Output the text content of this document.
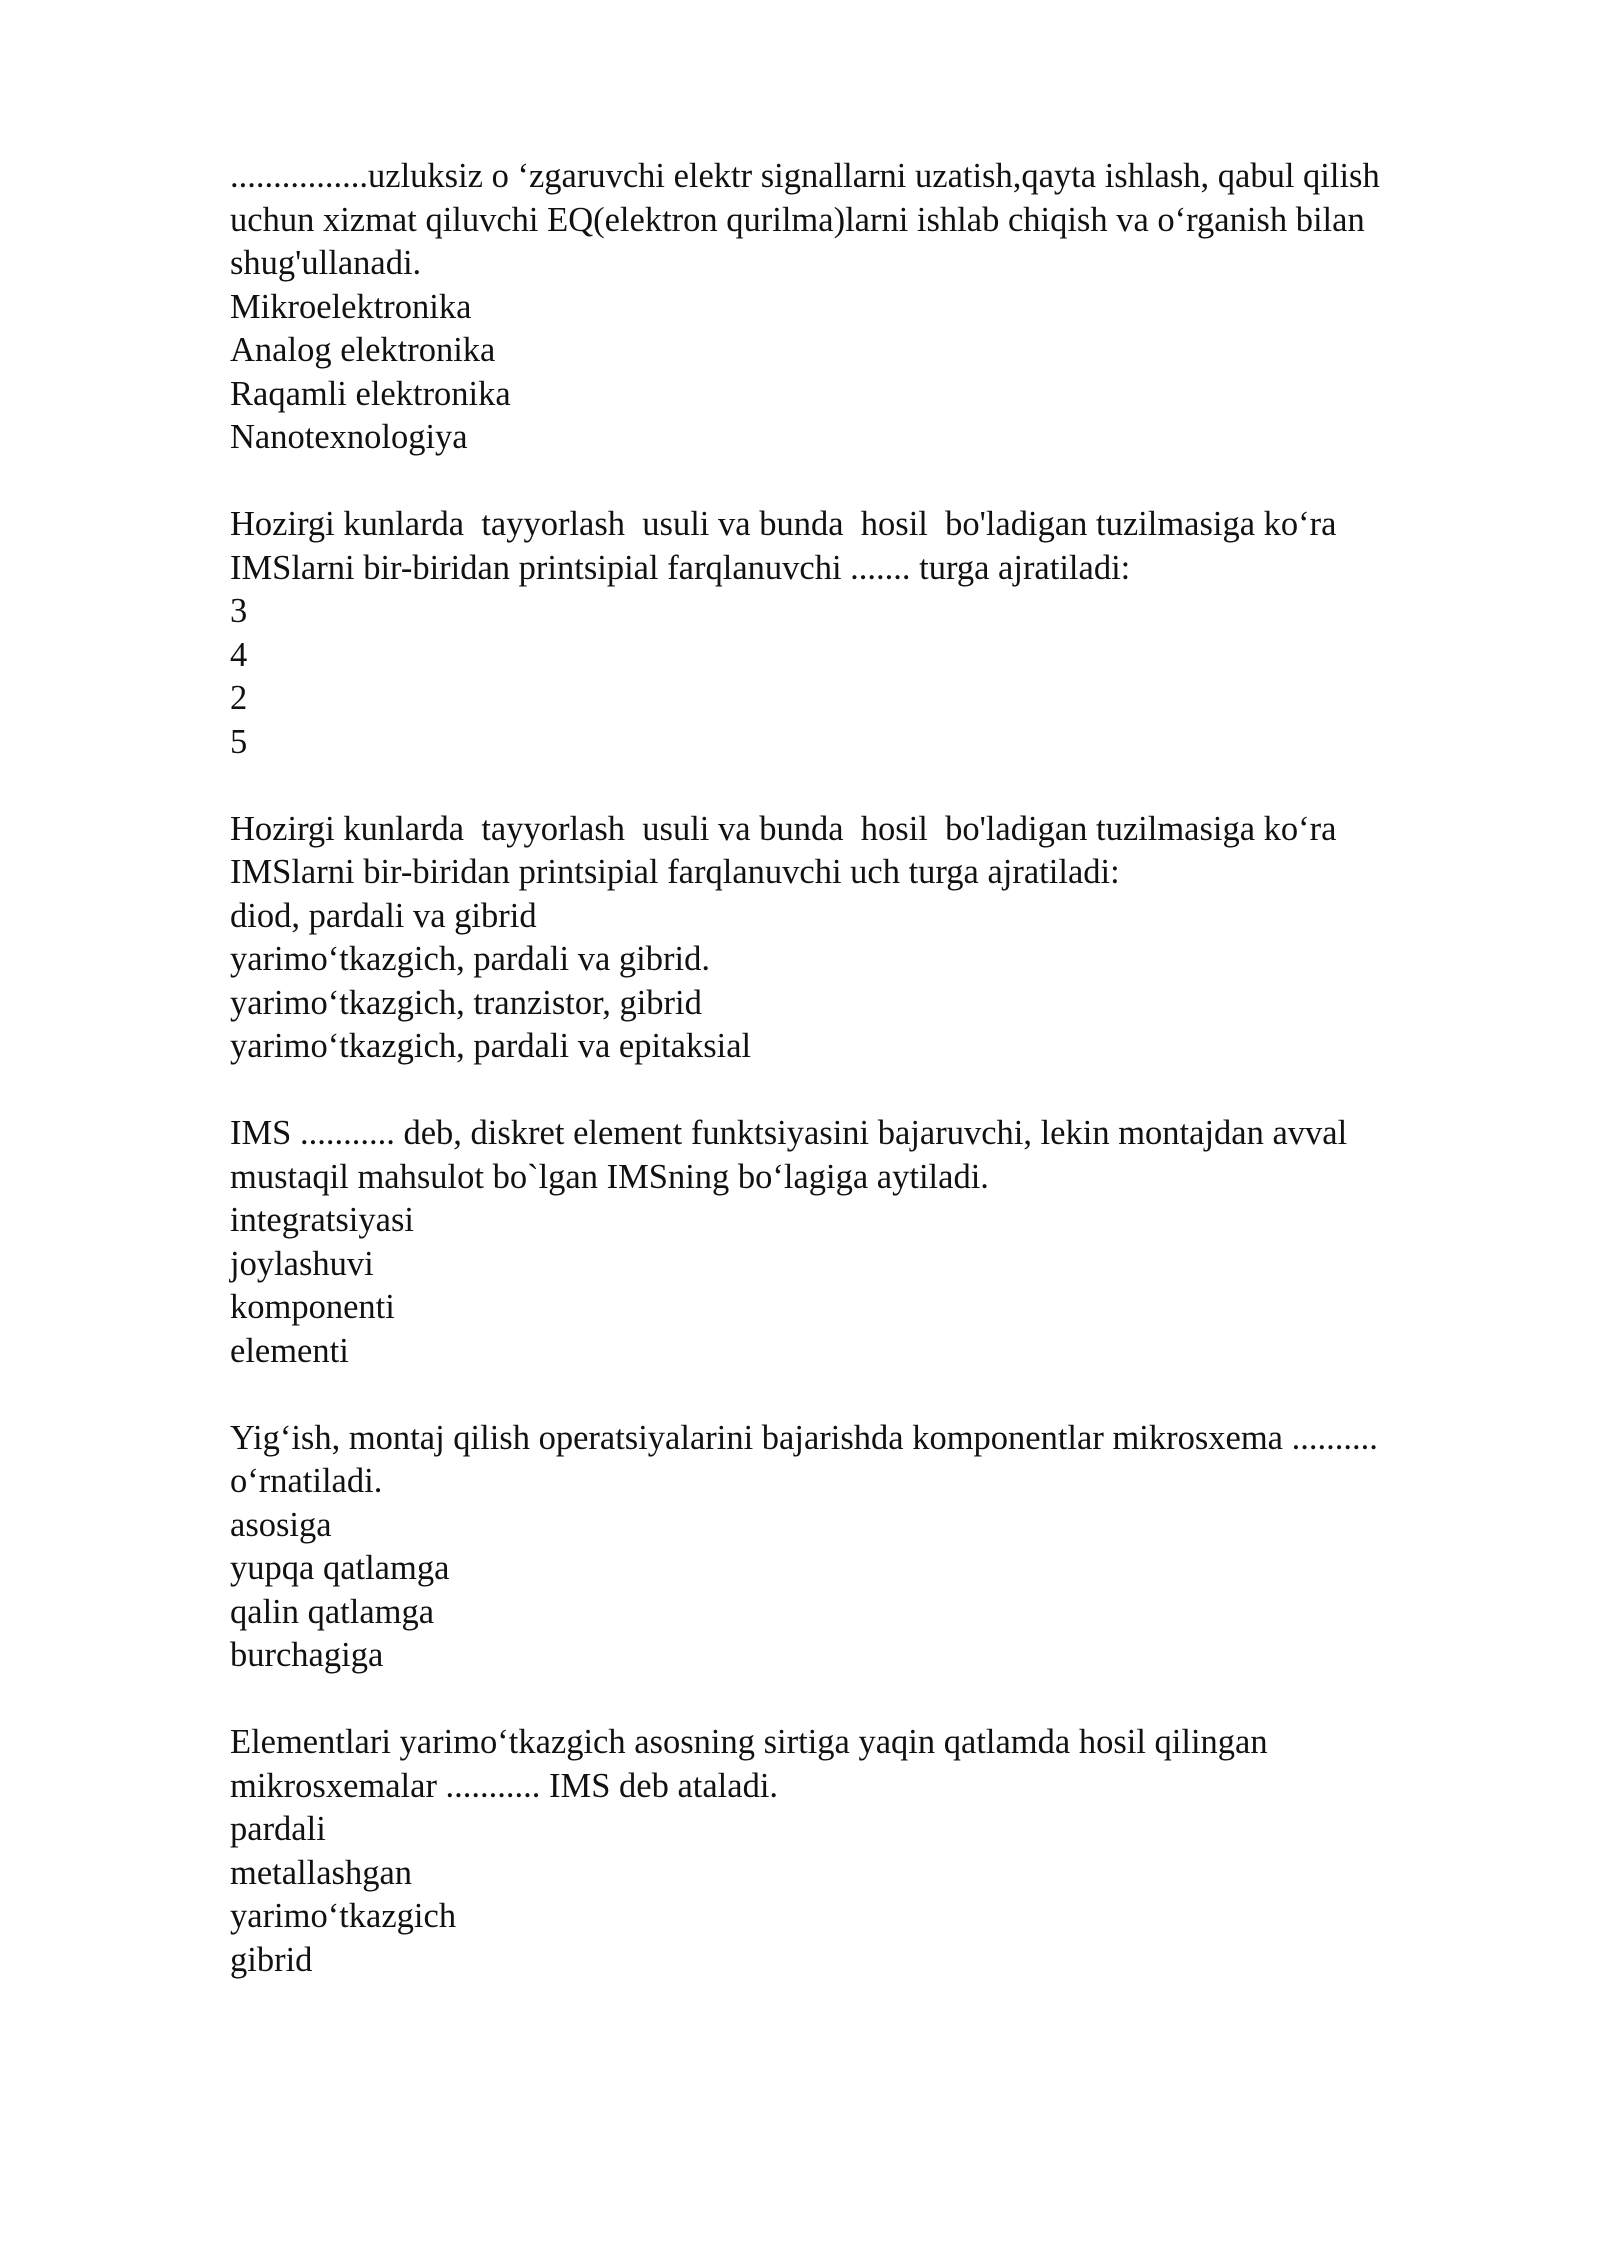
................uzluksiz o ‘zgaruvchi elektr signallarni uzatish,qayta ishlash, qabul qilish
uchun xizmat qiluvchi EQ(elektron qurilma)larni ishlab chiqish va o‘rganish bilan
shug'ullanadi.
Mikroelektronika
Analog elektronika
Raqamli elektronika
Nanotexnologiya
Hozirgi kunlarda  tayyorlash  usuli va bunda  hosil  bo'ladigan tuzilmasiga ko‘ra
IMSlarni bir-biridan printsipial farqlanuvchi ....... turga ajratiladi:
3
4
2
5
Hozirgi kunlarda  tayyorlash  usuli va bunda  hosil  bo'ladigan tuzilmasiga ko‘ra
IMSlarni bir-biridan printsipial farqlanuvchi uch turga ajratiladi:
diod, pardali va gibrid
yarimo‘tkazgich, pardali va gibrid.
yarimo‘tkazgich, tranzistor, gibrid
yarimo‘tkazgich, pardali va epitaksial
IMS ........... deb, diskret element funktsiyasini bajaruvchi, lekin montajdan avval
mustaqil mahsulot bo`lgan IMSning bo‘lagiga aytiladi.
integratsiyasi
joylashuvi
komponenti
elementi
Yig‘ish, montaj qilish operatsiyalarini bajarishda komponentlar mikrosxema ..........
o‘rnatiladi.
asosiga
yupqa qatlamga
qalin qatlamga
burchagiga
Elementlari yarimo‘tkazgich asosning sirtiga yaqin qatlamda hosil qilingan
mikrosxemalar ........... IMS deb ataladi.
pardali
metallashgan
yarimo‘tkazgich
gibrid
